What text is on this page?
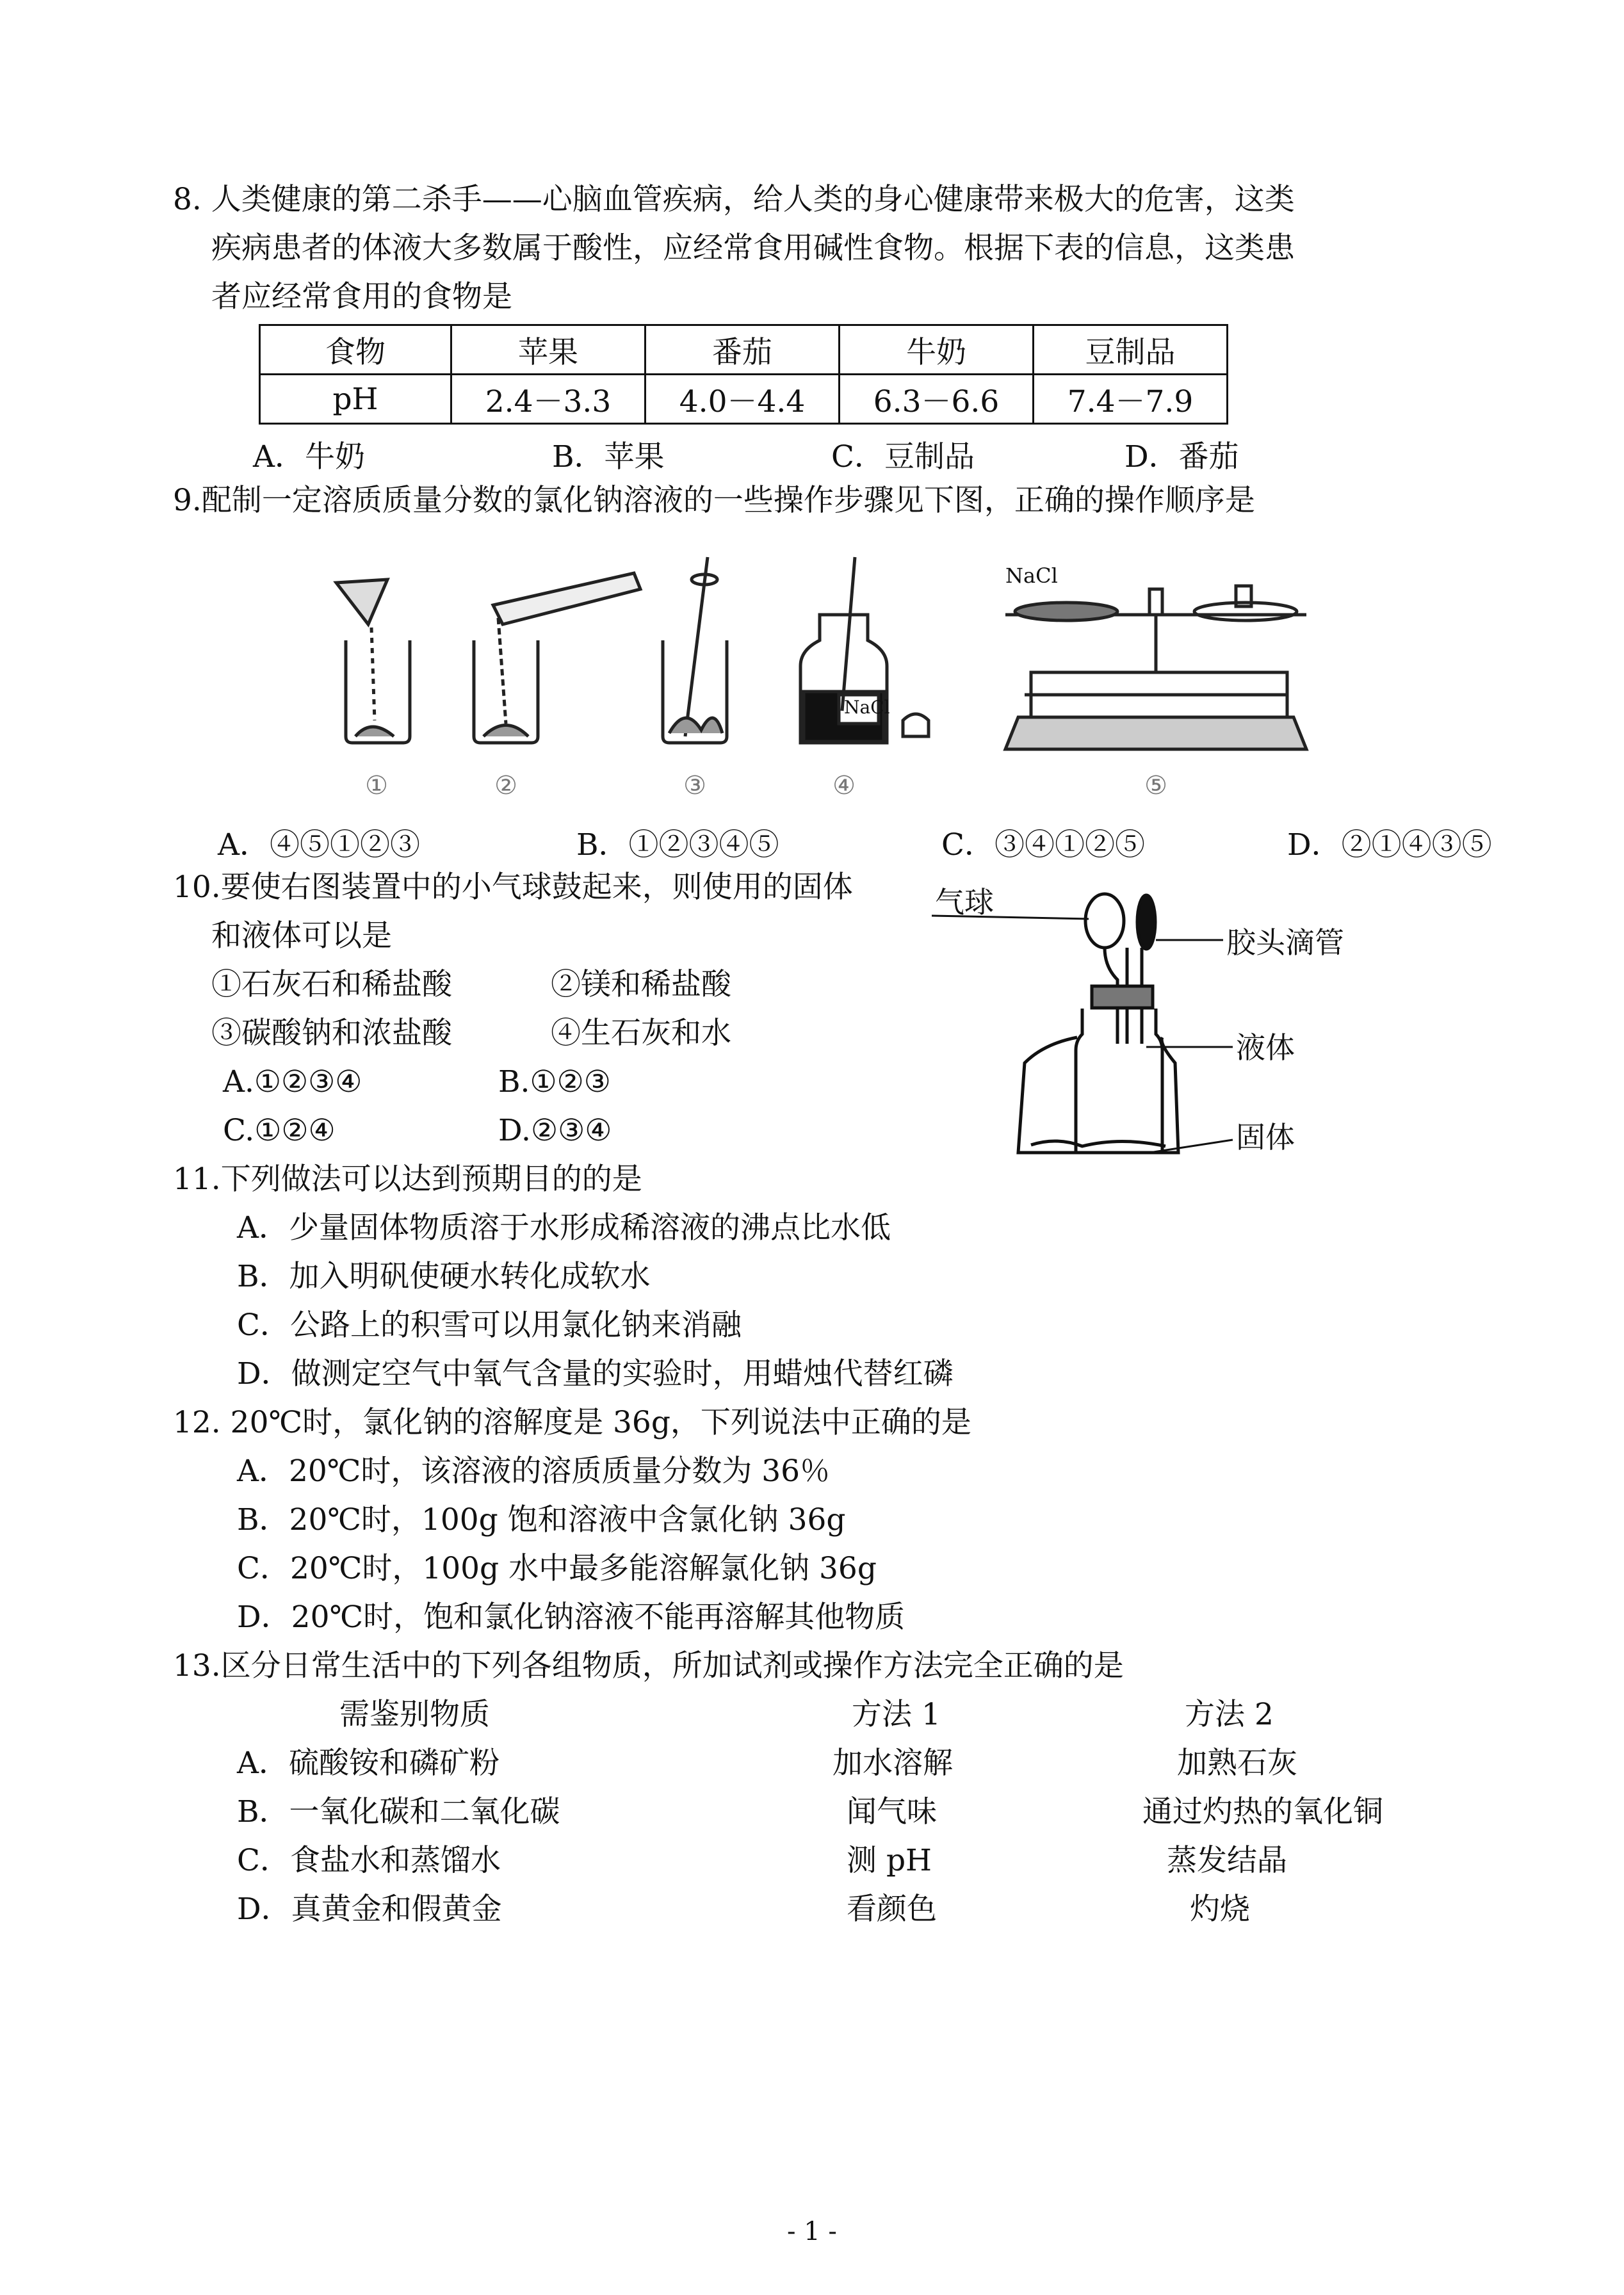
8. 人类健康的第二杀手——心脑血管疾病，给人类的身心健康带来极大的危害，这类
疾病患者的体液大多数属于酸性，应经常食用碱性食物。根据下表的信息，这类患
者应经常食用的食物是
食物	苹果	番茄	牛奶	豆制品
pH	2.4－3.3	4.0－4.4	6.3－6.6	7.4－7.9
A．牛奶	B．苹果	C．豆制品	D．番茄
9.配制一定溶质质量分数的氯化钠溶液的一些操作步骤见下图，正确的操作顺序是
NaCl
NaCl
①	②	③	④	⑤
A．④⑤①②③	B．①②③④⑤	C．③④①②⑤	D．②①④③⑤
10.要使右图装置中的小气球鼓起来，则使用的固体
和液体可以是
①石灰石和稀盐酸	②镁和稀盐酸
③碳酸钠和浓盐酸	④生石灰和水
A.①②③④	B.①②③
C.①②④	D.②③④
气球
胶头滴管
液体
固体
11.下列做法可以达到预期目的的是
A．少量固体物质溶于水形成稀溶液的沸点比水低
B．加入明矾使硬水转化成软水
C．公路上的积雪可以用氯化钠来消融
D．做测定空气中氧气含量的实验时，用蜡烛代替红磷
12. 20℃时，氯化钠的溶解度是 36g，下列说法中正确的是
A．20℃时，该溶液的溶质质量分数为 36％
B．20℃时，100g 饱和溶液中含氯化钠 36g
C．20℃时，100g 水中最多能溶解氯化钠 36g
D．20℃时，饱和氯化钠溶液不能再溶解其他物质
13.区分日常生活中的下列各组物质，所加试剂或操作方法完全正确的是
需鉴别物质	方法 1	方法 2
A．硫酸铵和磷矿粉	加水溶解	加熟石灰
B．一氧化碳和二氧化碳	闻气味	通过灼热的氧化铜
C．食盐水和蒸馏水	测 pH	蒸发结晶
D．真黄金和假黄金	看颜色	灼烧
- 1 -
